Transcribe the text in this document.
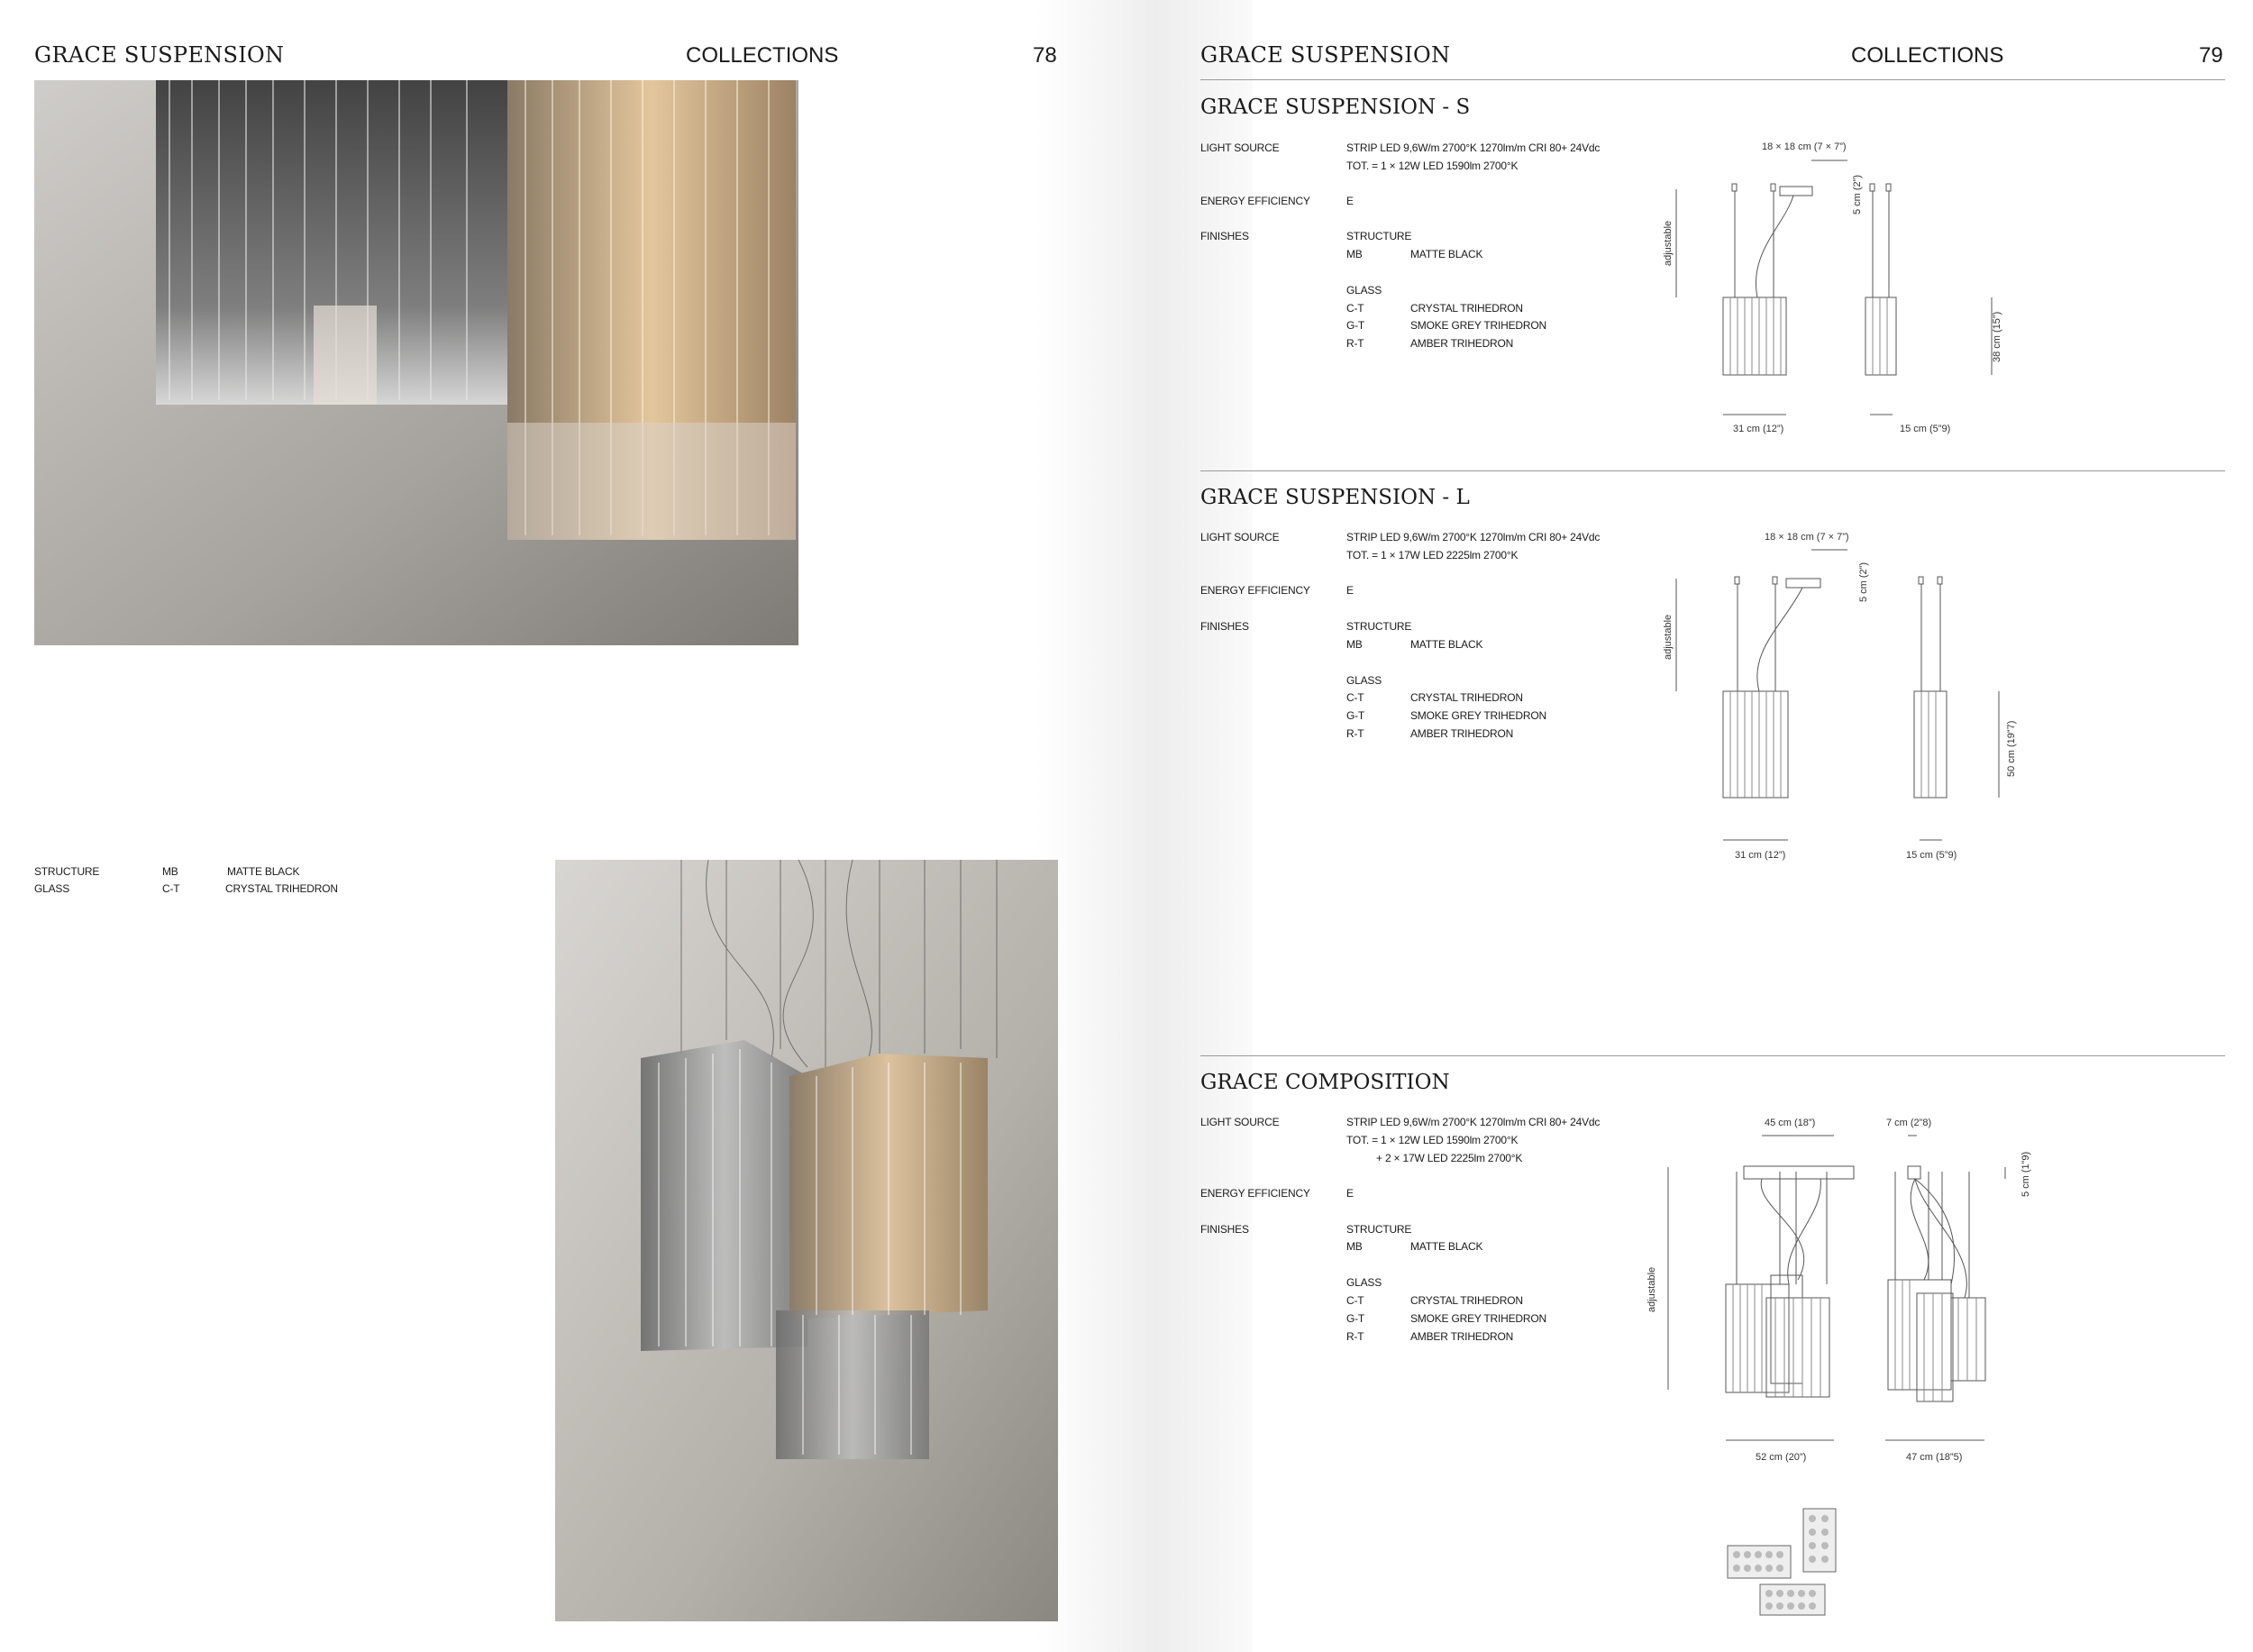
GRACE SUSPENSION	COLLECTIONS	78
STRUCTURE	MB	MATTE BLACK
GLASS	C-T	CRYSTAL TRIHEDRON
GRACE SUSPENSION	COLLECTIONS	79
GRACE SUSPENSION - S
LIGHT SOURCE	STRIP LED 9,6W/m 2700°K 1270lm/m CRI 80+ 24Vdc
TOT. = 1 × 12W LED 1590lm 2700°K
ENERGY EFFICIENCY	E
FINISHES	STRUCTURE
MB	MATTE BLACK
GLASS
C-T	CRYSTAL TRIHEDRON
G-T	SMOKE GREY TRIHEDRON
R-T	AMBER TRIHEDRON
18 × 18 cm (7 × 7”)
5 cm (2”)
adjustable
38 cm (15”)
31 cm (12”)	15 cm (5”9)
GRACE SUSPENSION - L
LIGHT SOURCE	STRIP LED 9,6W/m 2700°K 1270lm/m CRI 80+ 24Vdc
TOT. = 1 × 17W LED 2225lm 2700°K
ENERGY EFFICIENCY	E
FINISHES	STRUCTURE
MB	MATTE BLACK
GLASS
C-T	CRYSTAL TRIHEDRON
G-T	SMOKE GREY TRIHEDRON
R-T	AMBER TRIHEDRON
18 × 18 cm (7 × 7”)
5 cm (2”)
adjustable
50 cm (19”7)
31 cm (12”)	15 cm (5”9)
GRACE COMPOSITION
LIGHT SOURCE	STRIP LED 9,6W/m 2700°K 1270lm/m CRI 80+ 24Vdc
TOT. = 1 × 12W LED 1590lm 2700°K
+ 2 × 17W LED 2225lm 2700°K
ENERGY EFFICIENCY	E
FINISHES	STRUCTURE
MB	MATTE BLACK
GLASS
C-T	CRYSTAL TRIHEDRON
G-T	SMOKE GREY TRIHEDRON
R-T	AMBER TRIHEDRON
45 cm (18”)	7 cm (2”8)
5 cm (1”9)
adjustable
52 cm (20”)	47 cm (18”5)
